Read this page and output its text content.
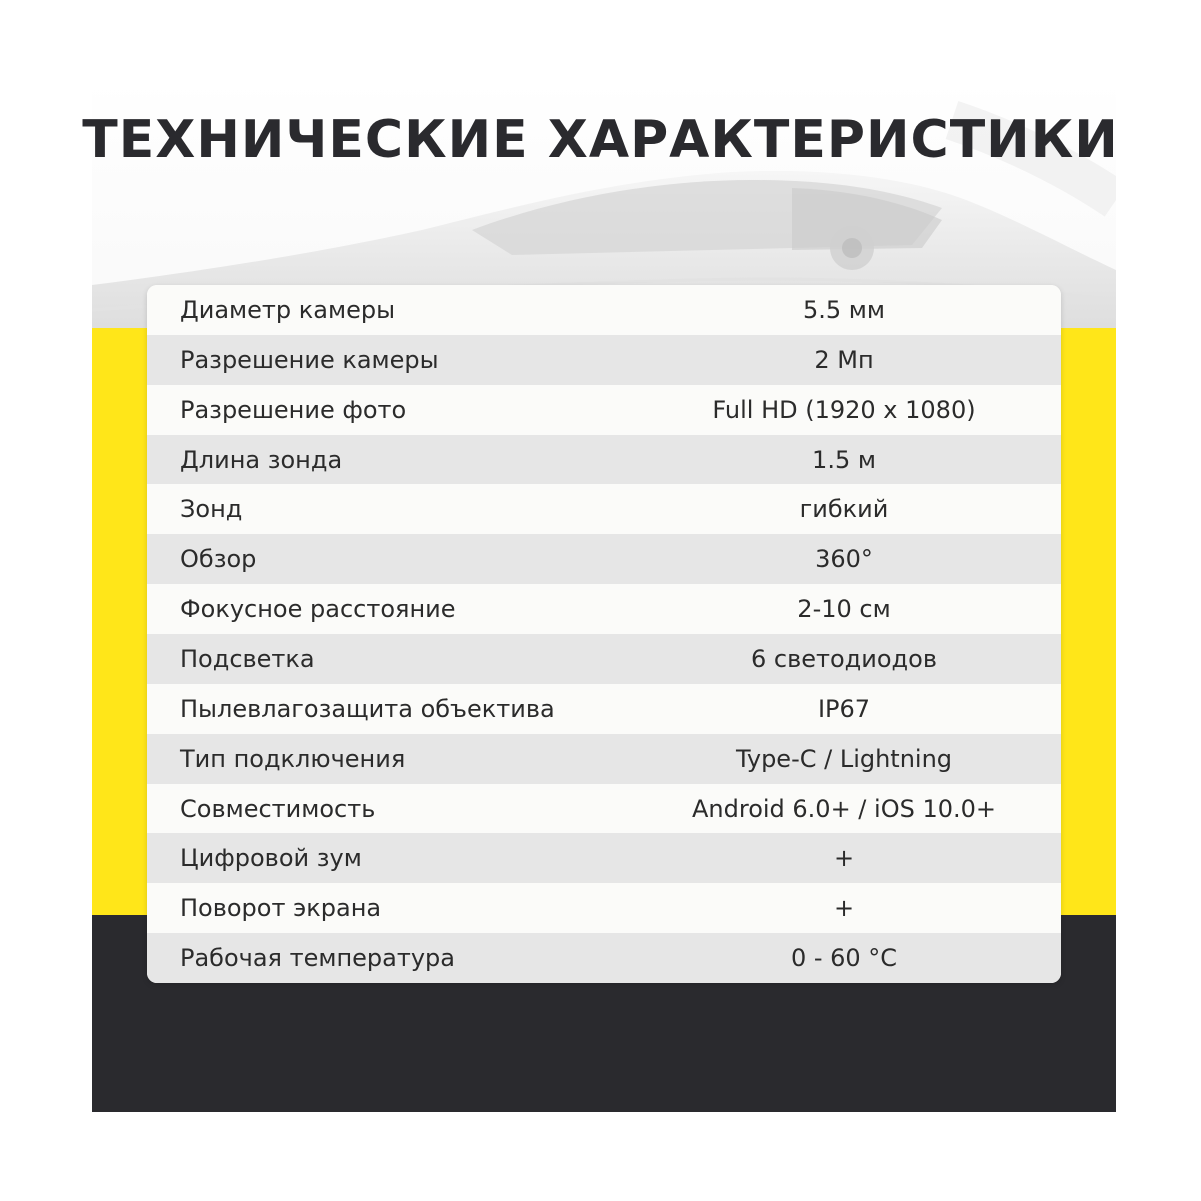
ТЕХНИЧЕСКИЕ ХАРАКТЕРИСТИКИ
Диаметр камеры	5.5 мм
Разрешение камеры	2 Мп
Разрешение фото	Full HD (1920 x 1080)
Длина зонда	1.5 м
Зонд	гибкий
Обзор	360°
Фокусное расстояние	2-10 см
Подсветка	6 светодиодов
Пылевлагозащита объектива	IP67
Тип подключения	Type-C / Lightning
Совместимость	Android 6.0+ / iOS 10.0+
Цифровой зум	+
Поворот экрана	+
Рабочая температура	0 - 60 °С
